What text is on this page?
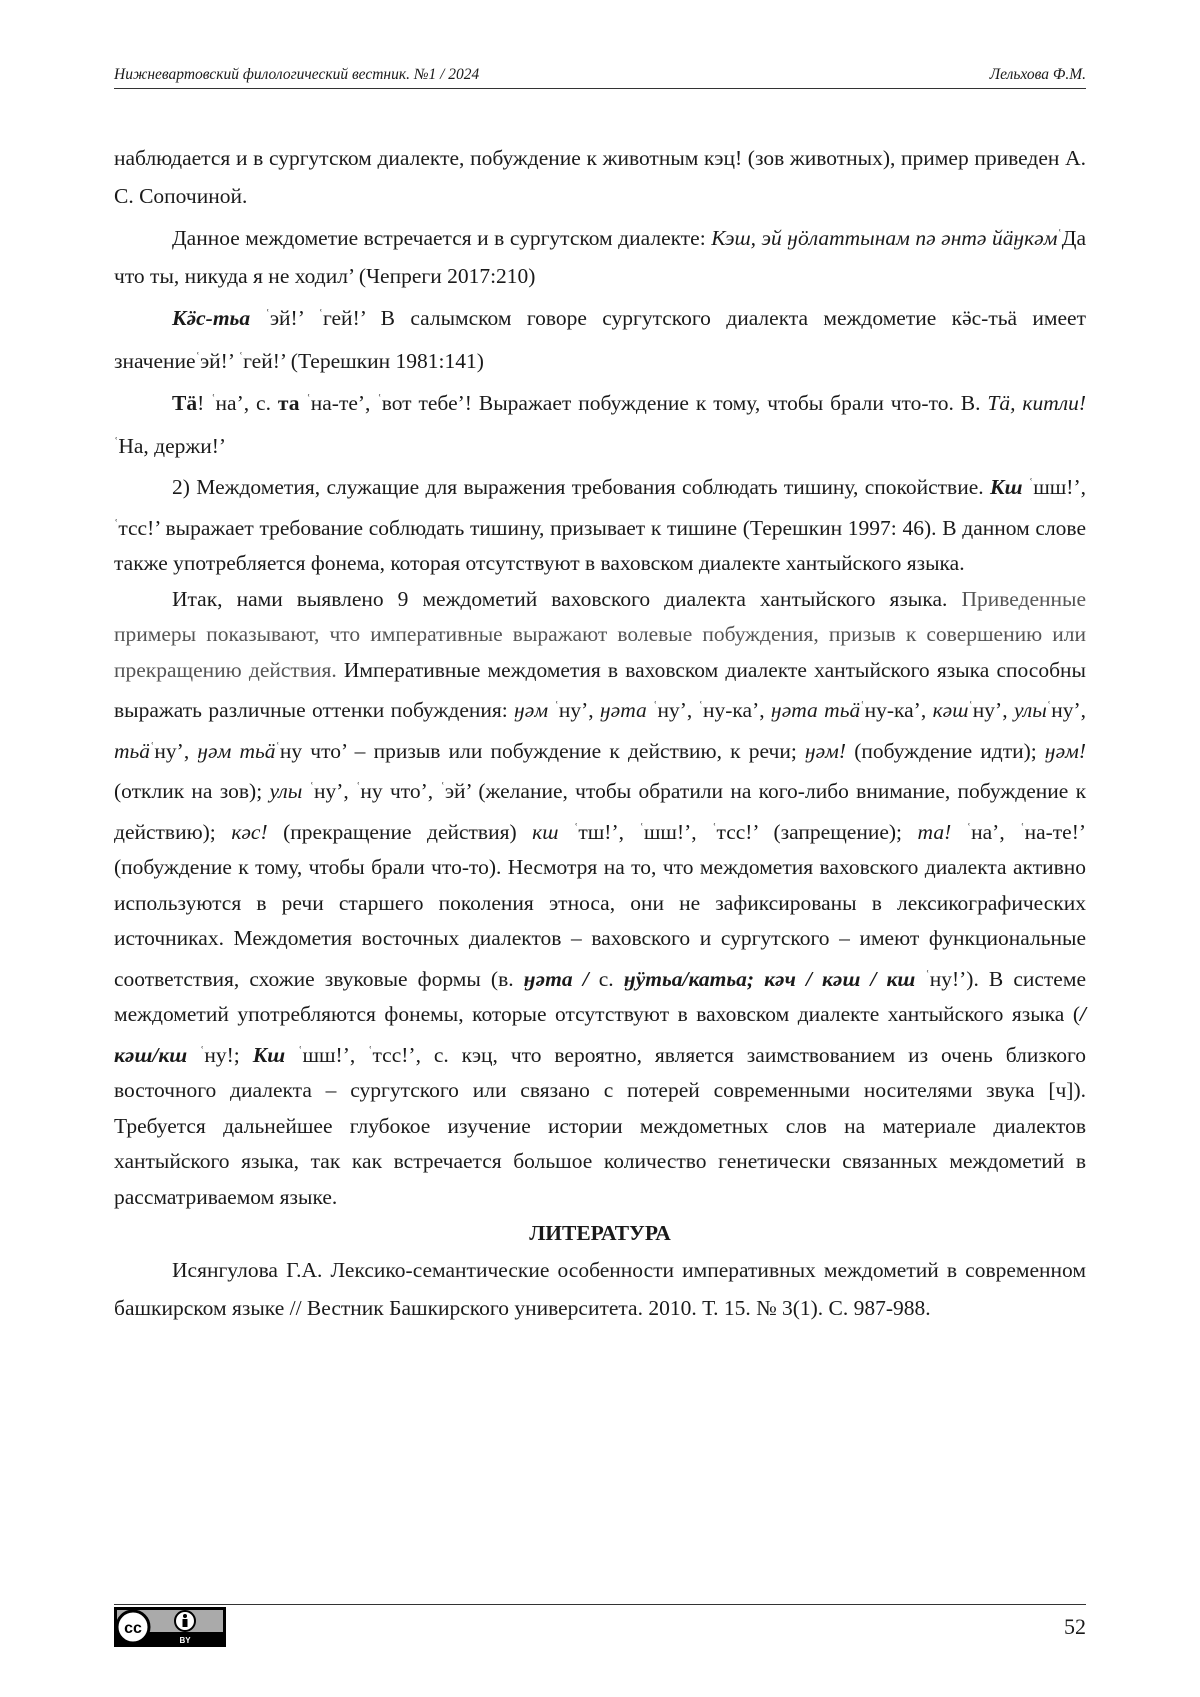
Нижневартовский филологический вестник. №1 / 2024	Лельхова Ф.М.

наблюдается и в сургутском диалекте, побуждение к животным кэц! (зов животных), пример приведен А. С. Сопочиной.

Данное междометие встречается и в сургутском диалекте: Кэш, эй ӈӧлаттынам пә әнтә йӓӈкәм$^ʿ$Да что ты, никуда я не ходил’ (Чепреги 2017:210)

Кӛс-тьа $^ʿ$эй!’ $^ʿ$гей!’ В салымском говоре сургутского диалекта междометие кӛс-тьӓ имеет значение$^ʿ$эй!’ $^ʿ$гей!’ (Терешкин 1981:141)

Тӓ! $^ʿ$на’, с. та $^ʿ$на-те’, $^ʿ$вот тебе’! Выражает побуждение к тому, чтобы брали что-то. В. Тӓ, китли!$^ʿ$На, держи!’

2) Междометия, служащие для выражения требования соблюдать тишину, спокойствие. Кш $^ʿ$шш!’, $^ʿ$тсс!’ выражает требование соблюдать тишину, призывает к тишине (Терешкин 1997: 46). В данном слове также употребляется фонема, которая отсутствуют в ваховском диалекте хантыйского языка.

Итак, нами выявлено 9 междометий ваховского диалекта хантыйского языка. Приведенные примеры показывают, что императивные выражают волевые побуждения, призыв к совершению или прекращению действия. Императивные междометия в ваховском диалекте хантыйского языка способны выражать различные оттенки побуждения: ӈәм $^ʿ$ну’, ӈәта $^ʿ$ну’, $^ʿ$ну-ка’, ӈәта тьӓ$^ʿ$ну-ка’, кәш$^ʿ$ну’, улы$^ʿ$ну’, тьӓ$^ʿ$ну’, ӈәм тьӓ$^ʿ$ну что’ – призыв или побуждение к действию, к речи; ӈәм! (побуждение идти); ӈәм! (отклик на зов); улы $^ʿ$ну’, $^ʿ$ну что’, $^ʿ$эй’ (желание, чтобы обратили на кого-либо внимание, побуждение к действию); кәс! (прекращение действия) кш $^ʿ$тш!’, $^ʿ$шш!’, $^ʿ$тсс!’ (запрещение); та! $^ʿ$на’, $^ʿ$на-те!’ (побуждение к тому, чтобы брали что-то). Несмотря на то, что междометия ваховского диалекта активно используются в речи старшего поколения этноса, они не зафиксированы в лексикографических источниках. Междометия восточных диалектов – ваховского и сургутского – имеют функциональные соответствия, схожие звуковые формы (в. ӈәта / с. ӈӱтьа/катьа; кәч / кәш / кш $^ʿ$ну!’). В системе междометий употребляются фонемы, которые отсутствуют в ваховском диалекте хантыйского языка (/кәш/кш $^ʿ$ну!; Кш $^ʿ$шш!’, $^ʿ$тсс!’, с. кэц, что вероятно, является заимствованием из очень близкого восточного диалекта – сургутского или связано с потерей современными носителями звука [ч]). Требуется дальнейшее глубокое изучение истории междометных слов на материале диалектов хантыйского языка, так как встречается большое количество генетически связанных междометий в рассматриваемом языке.

ЛИТЕРАТУРА

Исянгулова Г.А. Лексико-семантические особенности императивных междометий в современном башкирском языке // Вестник Башкирского университета. 2010. Т. 15. № 3(1). С. 987-988.

cc
BY
52
